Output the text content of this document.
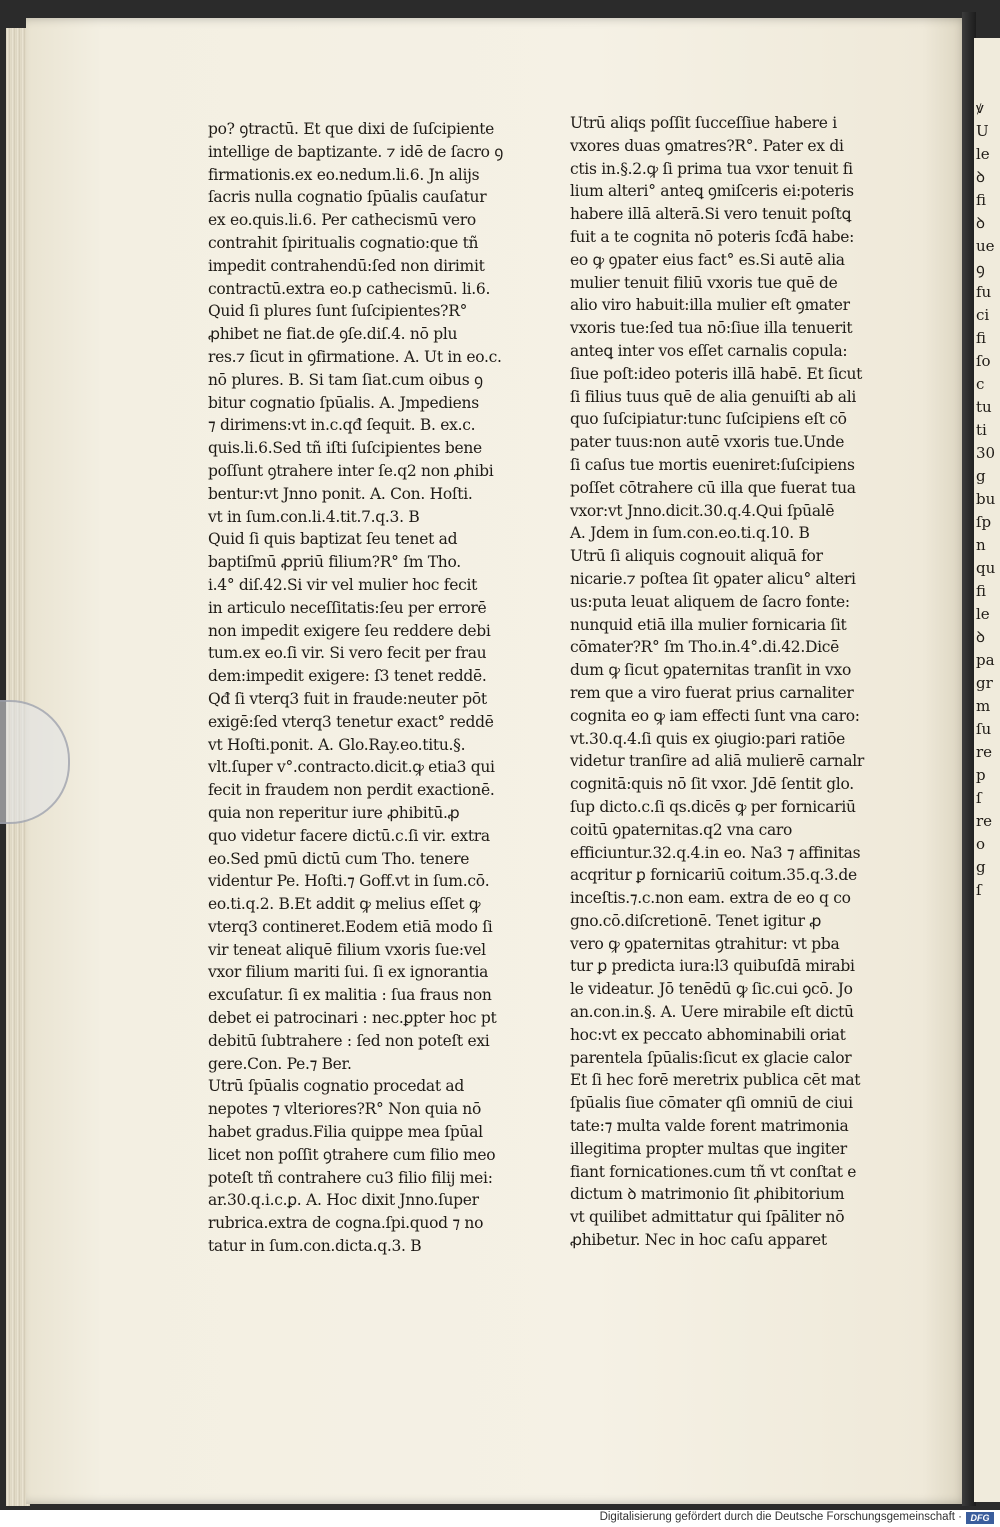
ꝟ
U
le
ꝺ
fi
ꝺ
ue
ꝯ
fu
ci
fi
ſo
c
tu
ti
30
g
bu
ſp
n
qu
fi
le
ꝺ
pa
gr
m
ſu
re
p
ſ
re
o
g
ſ
po? ꝯtractū. Et que dixi de ſuſcipiente
intellige de baptizante. ⁊ idē de ſacro ꝯ
firmationis.ex eo.nedum.li.6. Jn alijs
ſacris nulla cognatio ſpūalis cauſatur
ex eo.quis.li.6. Per cathecismū vero
contrahit ſpiritualis cognatio:que tñ
impedit contrahendū:ſed non dirimit
contractū.extra eo.p cathecismū. li.6.
Quid ſi plures ſunt ſuſcipientes?R°
ꝓhibet ne fiat.de ꝯſe.diſ.4. nō plu
res.⁊ ſicut in ꝯfirmatione. A. Ut in eo.c.
nō plures. B. Si tam ſiat.cum oibus ꝯ
bitur cognatio ſpūalis. A. Jmpediens
⁊ dirimens:vt in.c.qđ ſequit. B. ex.c.
quis.li.6.Sed tñ iſti ſuſcipientes bene
poſſunt ꝯtrahere inter ſe.q2 non ꝓhibi
bentur:vt Jnno ponit. A. Con. Hoſti.
vt in ſum.con.li.4.tit.7.q.3. B
Quid ſi quis baptizat ſeu tenet ad
baptiſmū ꝓpriū filium?R° ſm Tho.
i.4° diſ.42.Si vir vel mulier hoc fecit
in articulo neceſſitatis:ſeu per errorē
non impedit exigere ſeu reddere debi
tum.ex eo.ſi vir. Si vero fecit per frau
dem:impedit exigere: ſ3 tenet reddē.
Qđ ſi vterq3 fuit in fraude:neuter pōt
exigē:ſed vterq3 tenetur exact° reddē
vt Hoſti.ponit. A. Glo.Ray.eo.titu.§.
vlt.ſuper v°.contracto.dicit.ꝙ etia3 qui
fecit in fraudem non perdit exactionē.
quia non reperitur iure ꝓhibitū.ꝓ
quo videtur facere dictū.c.ſi vir. extra
eo.Sed pmū dictū cum Tho. tenere
videntur Pe. Hoſti.⁊ Goff.vt in ſum.cō.
eo.ti.q.2. B.Et addit ꝙ melius eſſet ꝙ
vterq3 contineret.Eodem etiā modo ſi
vir teneat aliquē filium vxoris ſue:vel
vxor filium mariti ſui. ſi ex ignorantia
excuſatur. ſi ex malitia : ſua fraus non
debet ei patrocinari : nec.ꝑpter hoc pt
debitū ſubtrahere : ſed non poteſt exi
gere.Con. Pe.⁊ Ber.
Utrū ſpūalis cognatio procedat ad
nepotes ⁊ vlteriores?R° Non quia nō
habet gradus.Filia quippe mea ſpūal
licet non poſſit ꝯtrahere cum filio meo
poteſt tñ contrahere cu3 filio filij mei:
ar.30.q.i.c.ꝑ. A. Hoc dixit Jnno.ſuper
rubrica.extra de cogna.ſpi.quod ⁊ no
tatur in ſum.con.dicta.q.3. B
Utrū aliqs poſſit ſucceſſiue habere i
vxores duas ꝯmatres?R°. Pater ex di
ctis in.§.2.ꝙ ſi prima tua vxor tenuit fi
lium alteri° anteꝗ ꝯmiſceris ei:poteris
habere illā alterā.Si vero tenuit poſtꝗ
fuit a te cognita nō poteris ſcđā habe:
eo ꝙ ꝯpater eius fact° es.Si autē alia
mulier tenuit filiū vxoris tue quē de
alio viro habuit:illa mulier eſt ꝯmater
vxoris tue:ſed tua nō:ſiue illa tenuerit
anteꝗ inter vos eſſet carnalis copula:
ſiue poſt:ideo poteris illā habē. Et ſicut
ſi filius tuus quē de alia genuiſti ab ali
quo ſuſcipiatur:tunc ſuſcipiens eſt cō
pater tuus:non autē vxoris tue.Unde
ſi caſus tue mortis eueniret:ſuſcipiens
poſſet cōtrahere cū illa que fuerat tua
vxor:vt Jnno.dicit.30.q.4.Qui ſpūalē
A. Jdem in ſum.con.eo.ti.q.10. B
Utrū ſi aliquis cognouit aliquā for
nicarie.⁊ poſtea ſit ꝯpater alicu° alteri
us:puta leuat aliquem de ſacro fonte:
nunquid etiā illa mulier fornicaria ſit
cōmater?R° ſm Tho.in.4°.di.42.Dicē
dum ꝙ ſicut ꝯpaternitas tranſit in vxo
rem que a viro fuerat prius carnaliter
cognita eo ꝙ iam effecti ſunt vna caro:
vt.30.q.4.ſi quis ex ꝯiugio:pari ratiōe
videtur tranſire ad aliā mulierē carnalr
cognitā:quis nō ſit vxor. Jdē ſentit glo.
ſup dicto.c.ſi qs.dicēs ꝙ per fornicariū
coitū ꝯpaternitas.q2 vna caro
efficiuntur.32.q.4.in eo. Na3 ⁊ affinitas
acqritur ꝑ fornicariū coitum.35.q.3.de
inceſtis.⁊.c.non eam. extra de eo q co
gno.cō.diſcretionē. Tenet igitur ꝓ
vero ꝙ ꝯpaternitas ꝯtrahitur: vt pba
tur ꝑ predicta iura:l3 quibuſdā mirabi
le videatur. Jō tenēdū ꝙ ſic.cui ꝯcō. Jo
an.con.in.§. A. Uere mirabile eſt dictū
hoc:vt ex peccato abhominabili oriat
parentela ſpūalis:ſicut ex glacie calor
Et ſi hec forē meretrix publica cēt mat
ſpūalis ſiue cōmater qſi omniū de ciui
tate:⁊ multa valde forent matrimonia
illegitima propter multas que ingiter
fiant fornicationes.cum tñ vt conſtat e
dictum ꝺ matrimonio ſit ꝓhibitorium
vt quilibet admittatur qui ſpāliter nō
ꝓhibetur. Nec in hoc caſu apparet
Digitalisierung gefördert durch die Deutsche Forschungsgemeinschaft · DFG
